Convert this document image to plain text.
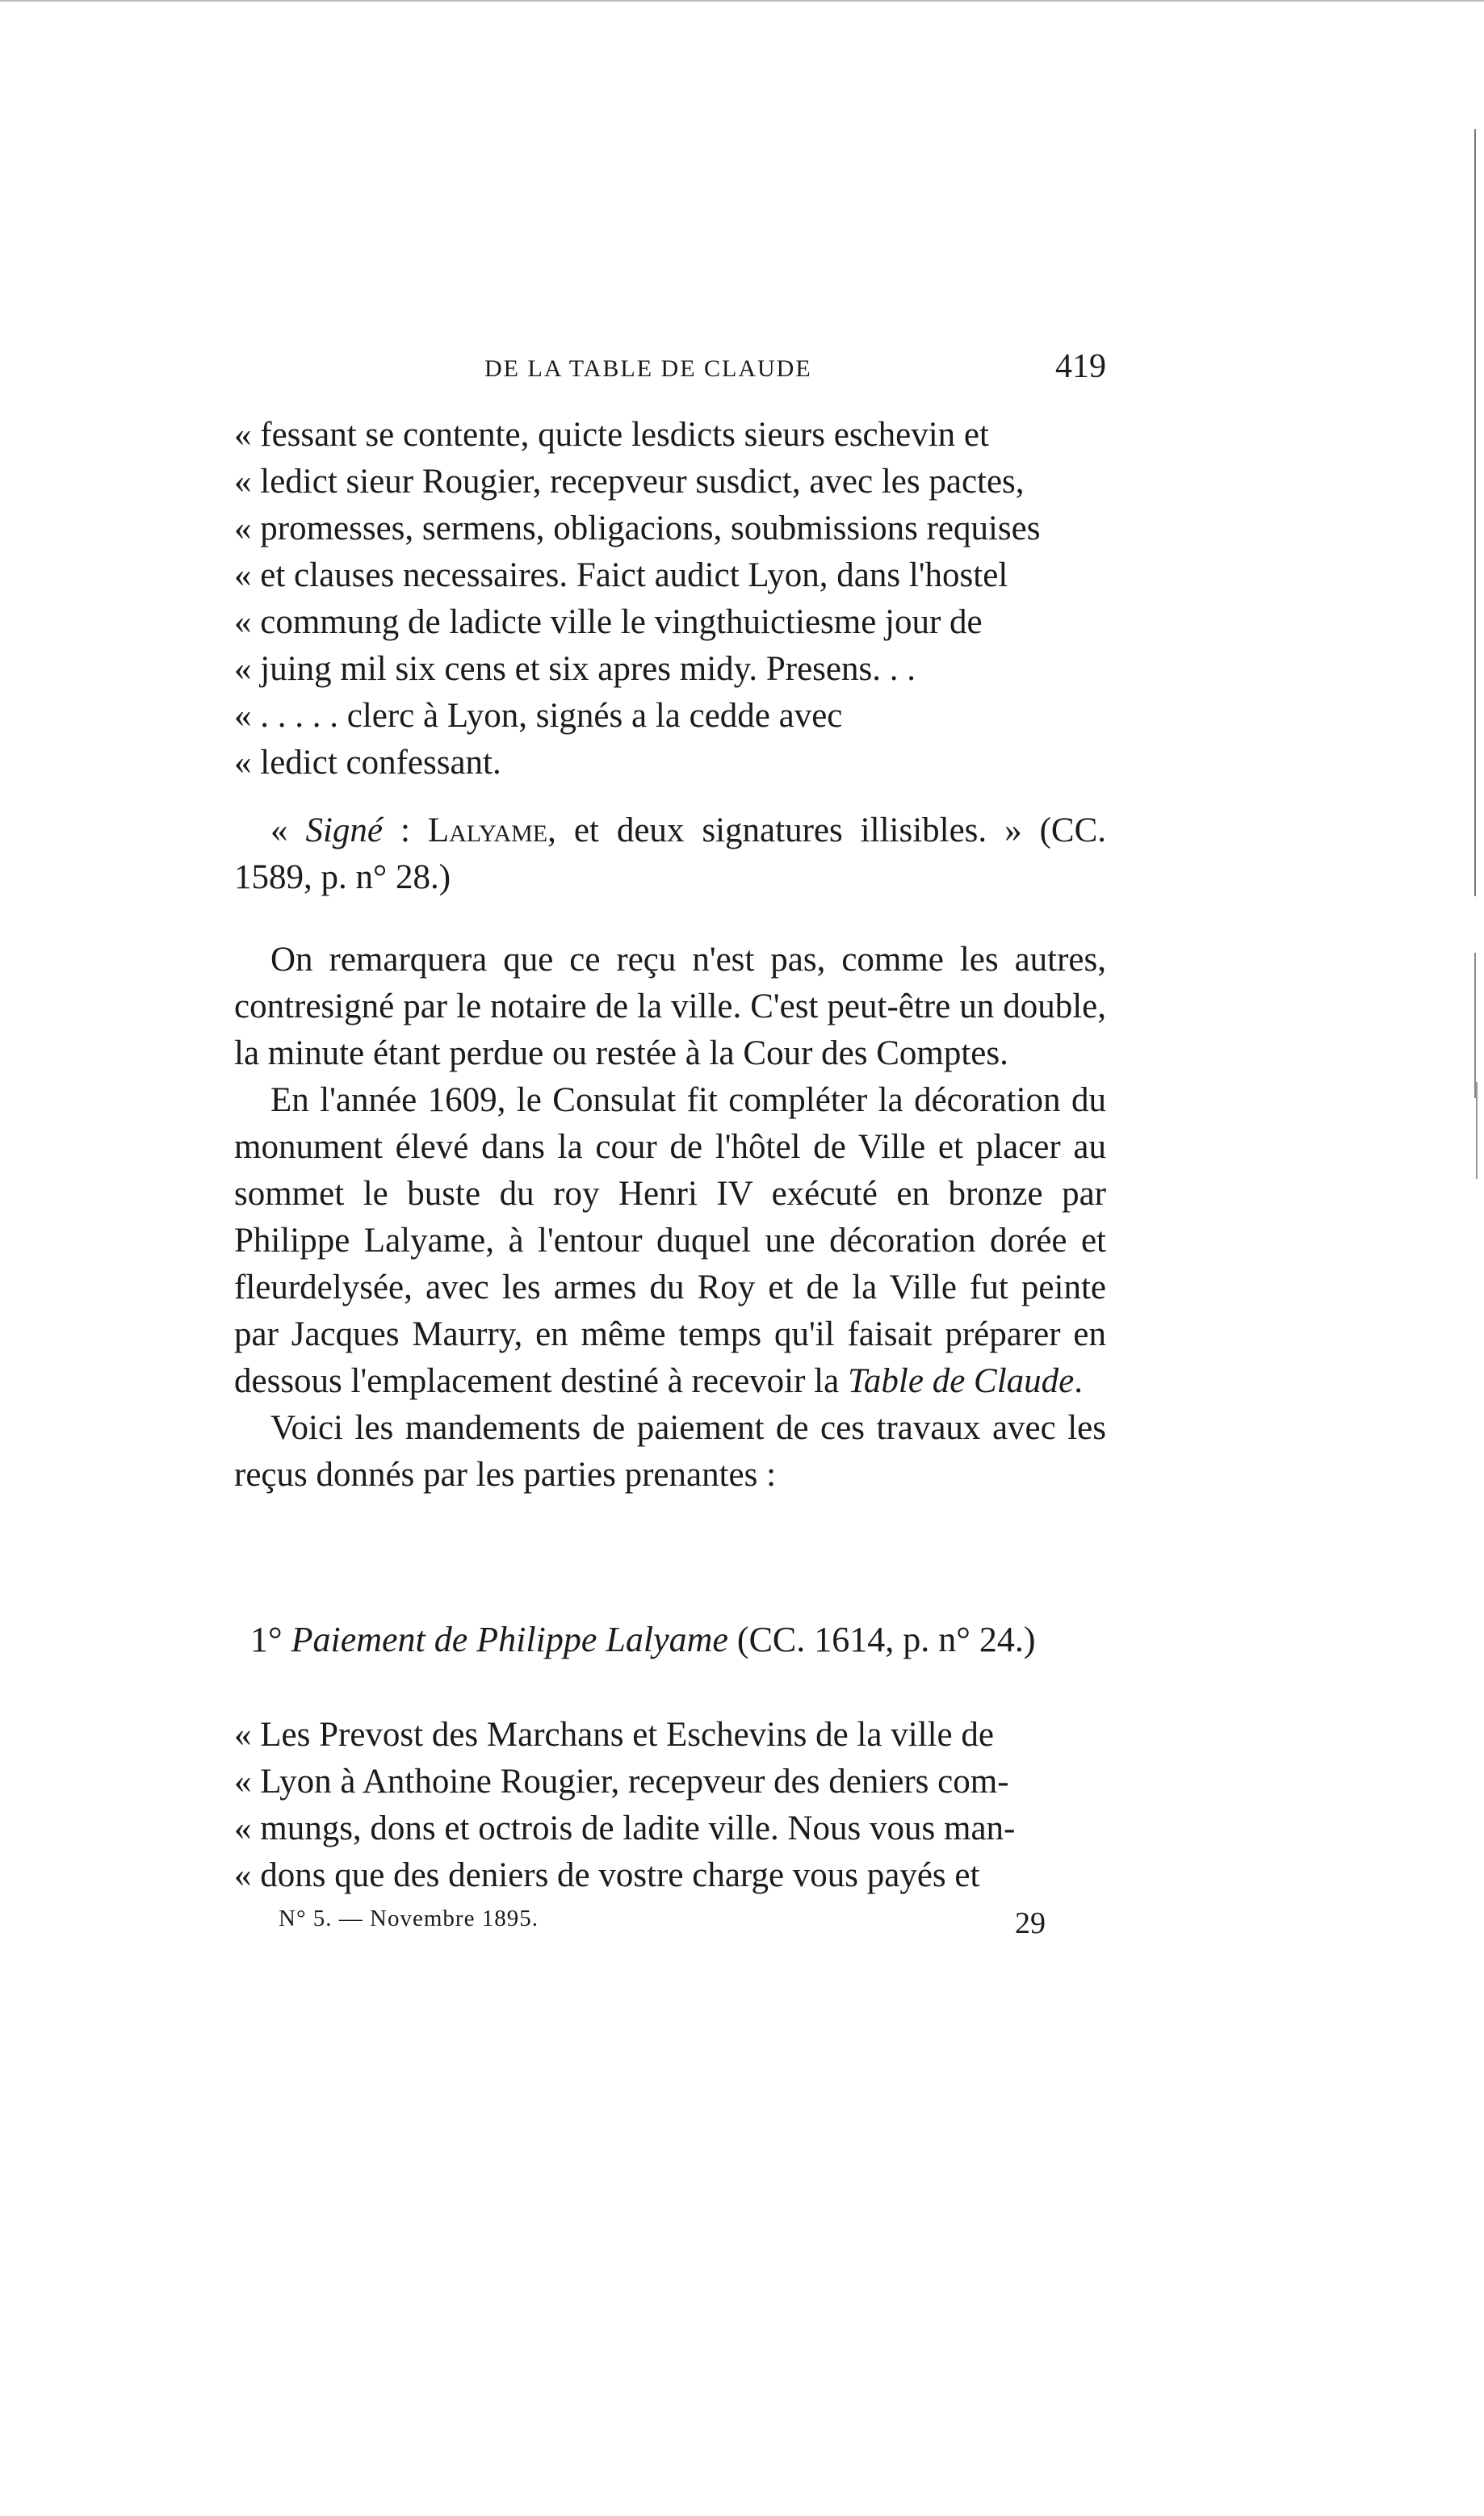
DE LA TABLE DE CLAUDE	419
« fessant se contente, quicte lesdicts sieurs eschevin et
« ledict sieur Rougier, recepveur susdict, avec les pactes,
« promesses, sermens, obligacions, soubmissions requises
« et clauses necessaires. Faict audict Lyon, dans l'hostel
« commung de ladicte ville le vingthuictiesme jour de
« juing mil six cens et six apres midy. Presens. . .
« . . . . . clerc à Lyon, signés a la cedde avec
« ledict confessant.
« Signé : Lalyame, et deux signatures illisibles. » (CC. 1589, p. n° 28.)

On remarquera que ce reçu n'est pas, comme les autres, contresigné par le notaire de la ville. C'est peut-être un double, la minute étant perdue ou restée à la Cour des Comptes.

En l'année 1609, le Consulat fit compléter la décoration du monument élevé dans la cour de l'hôtel de Ville et placer au sommet le buste du roy Henri IV exécuté en bronze par Philippe Lalyame, à l'entour duquel une décoration dorée et fleurdelysée, avec les armes du Roy et de la Ville fut peinte par Jacques Maurry, en même temps qu'il faisait préparer en dessous l'emplacement destiné à recevoir la Table de Claude.

Voici les mandements de paiement de ces travaux avec les reçus donnés par les parties prenantes :

1° Paiement de Philippe Lalyame (CC. 1614, p. n° 24.)
« Les Prevost des Marchans et Eschevins de la ville de
« Lyon à Anthoine Rougier, recepveur des deniers com-
« mungs, dons et octrois de ladite ville. Nous vous man-
« dons que des deniers de vostre charge vous payés et
N° 5. — Novembre 1895.	29
